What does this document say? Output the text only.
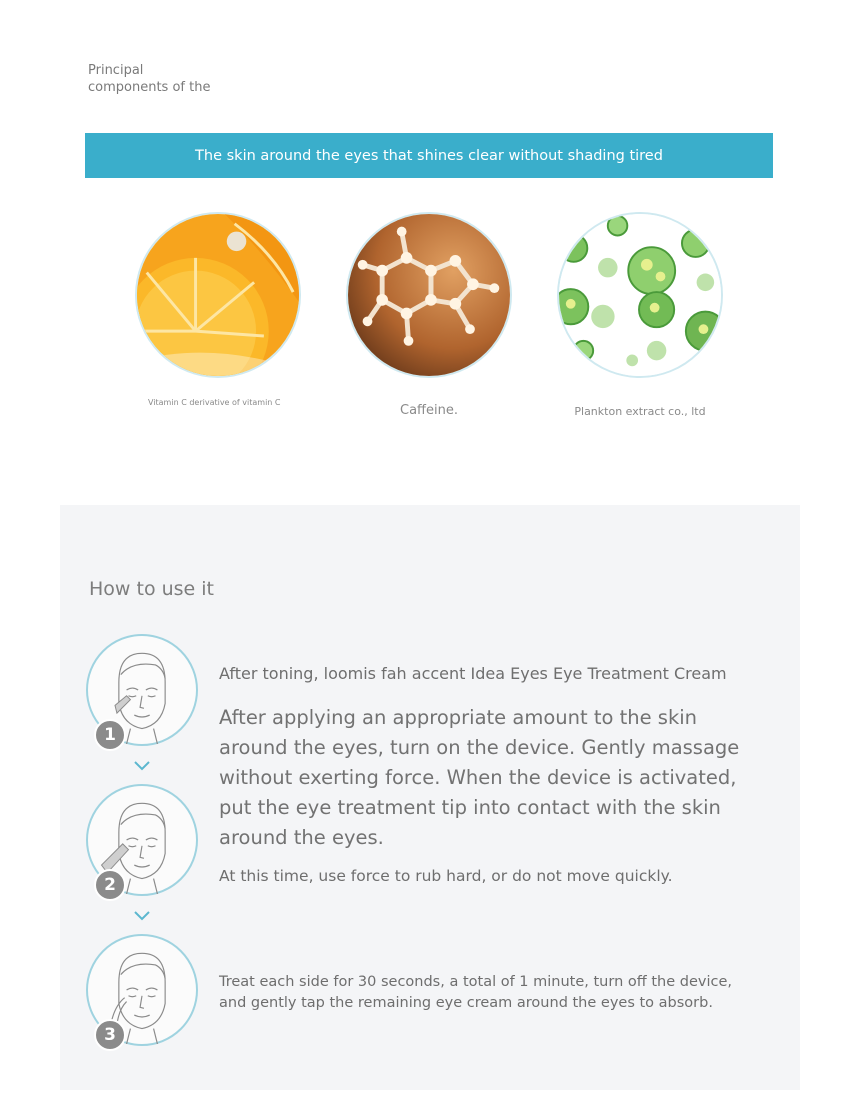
Principal
components of the
The skin around the eyes that shines clear without shading tired
Vitamin C derivative of vitamin C
Caffeine.	Plankton extract co., ltd
How to use it
1
2
3
After toning, loomis fah accent Idea Eyes Eye Treatment Cream
After applying an appropriate amount to the skin around the eyes, turn on the device. Gently massage without exerting force. When the device is activated, put the eye treatment tip into contact with the skin around the eyes.
At this time, use force to rub hard, or do not move quickly.
Treat each side for 30 seconds, a total of 1 minute, turn off the device, and gently tap the remaining eye cream around the eyes to absorb.
